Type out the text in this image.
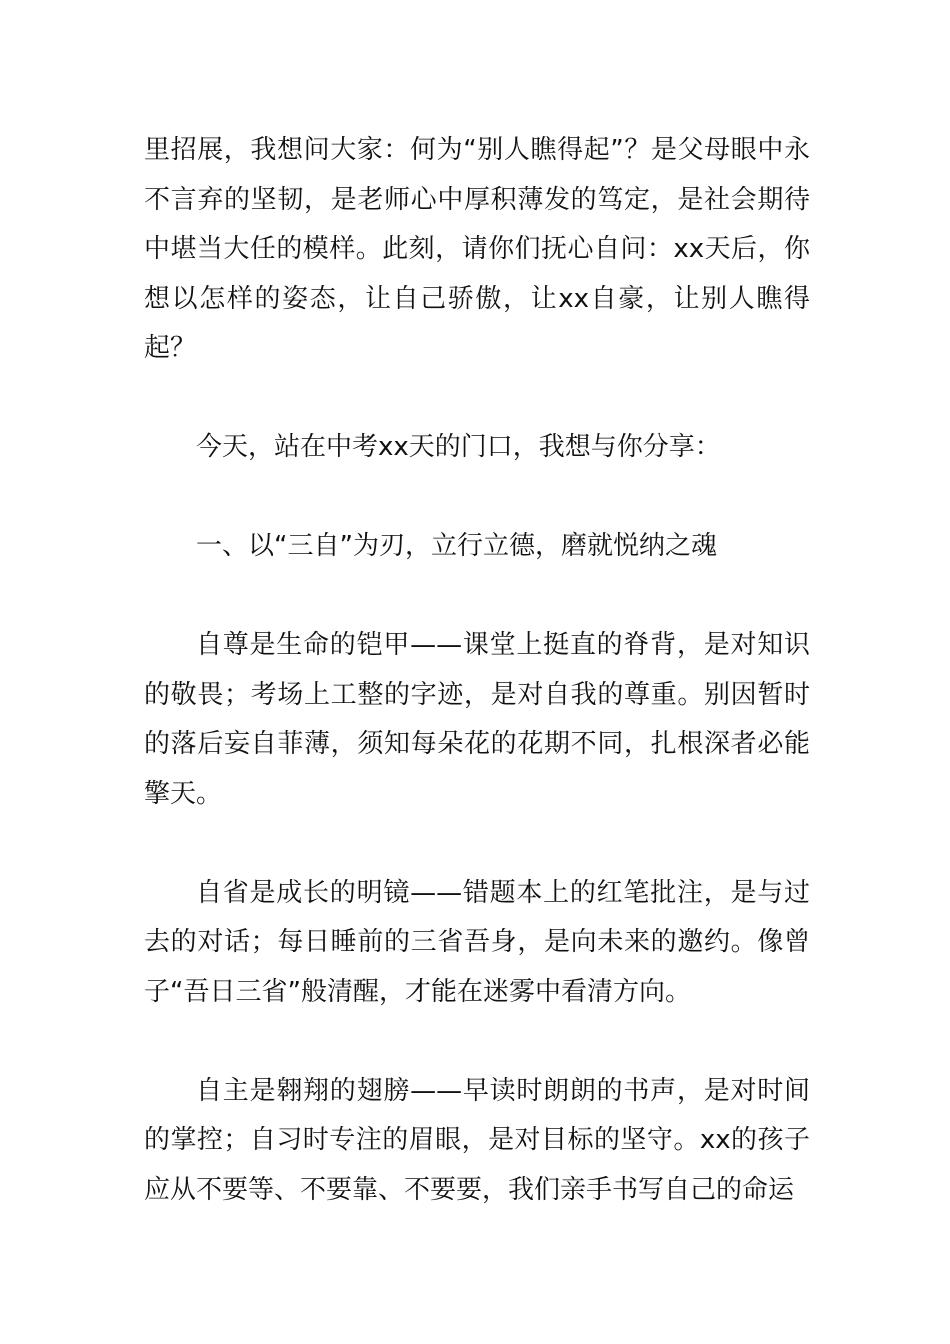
里招展，我想问大家：何为“别人瞧得起”？是父母眼中永不言弃的坚韧，是老师心中厚积薄发的笃定，是社会期待中堪当大任的模样。此刻，请你们抚心自问：xx天后，你想以怎样的姿态，让自己骄傲，让xx自豪，让别人瞧得起？

今天，站在中考xx天的门口，我想与你分享：

一、以“三自”为刃，立行立德，磨就悦纳之魂

自尊是生命的铠甲——课堂上挺直的脊背，是对知识的敬畏；考场上工整的字迹，是对自我的尊重。别因暂时的落后妄自菲薄，须知每朵花的花期不同，扎根深者必能擎天。

自省是成长的明镜——错题本上的红笔批注，是与过去的对话；每日睡前的三省吾身，是向未来的邀约。像曾子“吾日三省”般清醒，才能在迷雾中看清方向。

自主是翱翔的翅膀——早读时朗朗的书声，是对时间的掌控；自习时专注的眉眼，是对目标的坚守。xx的孩子应从不要等、不要靠、不要要，我们亲手书写自己的命运
